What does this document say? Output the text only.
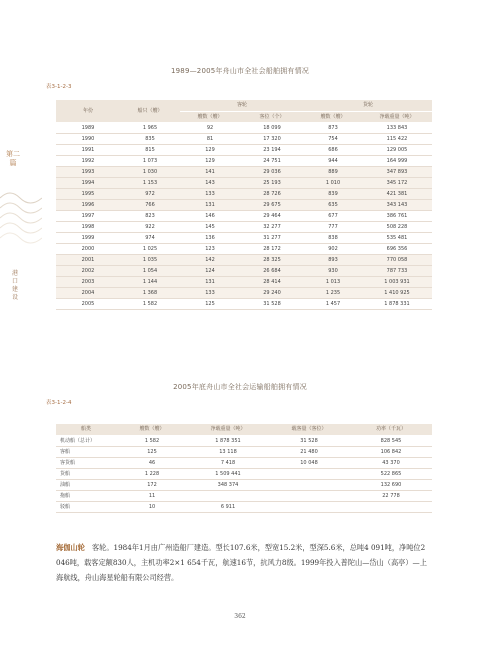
第二篇
港口建设
1989—2005年舟山市全社会船舶拥有情况
表3-1-2-3
年份	船只（艘）	客轮		货轮	
		艘数（艘）	客位（个）	艘数（艘）	净载重量（吨）
1989	1 965	92	18 099	873	133 843
1990	835	81	17 320	754	115 422
1991	815	129	23 194	686	129 005
1992	1 073	129	24 751	944	164 999
1993	1 030	141	29 036	889	347 893
1994	1 153	143	25 193	1 010	345 172
1995	972	133	28 726	839	421 381
1996	766	131	29 675	635	343 143
1997	823	146	29 464	677	386 761
1998	922	145	32 277	777	508 228
1999	974	136	31 277	838	535 481
2000	1 025	123	28 172	902	696 356
2001	1 035	142	28 325	893	770 058
2002	1 054	124	26 684	930	787 733
2003	1 144	131	28 414	1 013	1 003 931
2004	1 368	133	29 240	1 235	1 410 925
2005	1 582	125	31 528	1 457	1 878 331
2005年底舟山市全社会运输船舶拥有情况
表3-1-2-4
船类	艘数（艘）	净载重量（吨）	载客量（客位）	功率（千瓦）
机动船（总计）	1 582	1 878 351	31 528	828 545
客船	125	13 118	21 480	106 842
客货船	46	7 418	10 048	43 370
货船	1 228	1 509 441		522 865
油船	172	348 374		132 690
拖船	11			22 778
驳船	10	6 911		
海伽山轮　 客轮。1984年1月由广州造船厂建造。型长107.6米，型宽15.2米，型深5.6米，总吨4 091吨，净吨位2 046吨，载客定额830人，主机功率2×1 654千瓦，航速16节，抗风力8级。1999年投入普陀山—岱山（高亭）—上海航线，舟山海星轮船有限公司经营。
362
